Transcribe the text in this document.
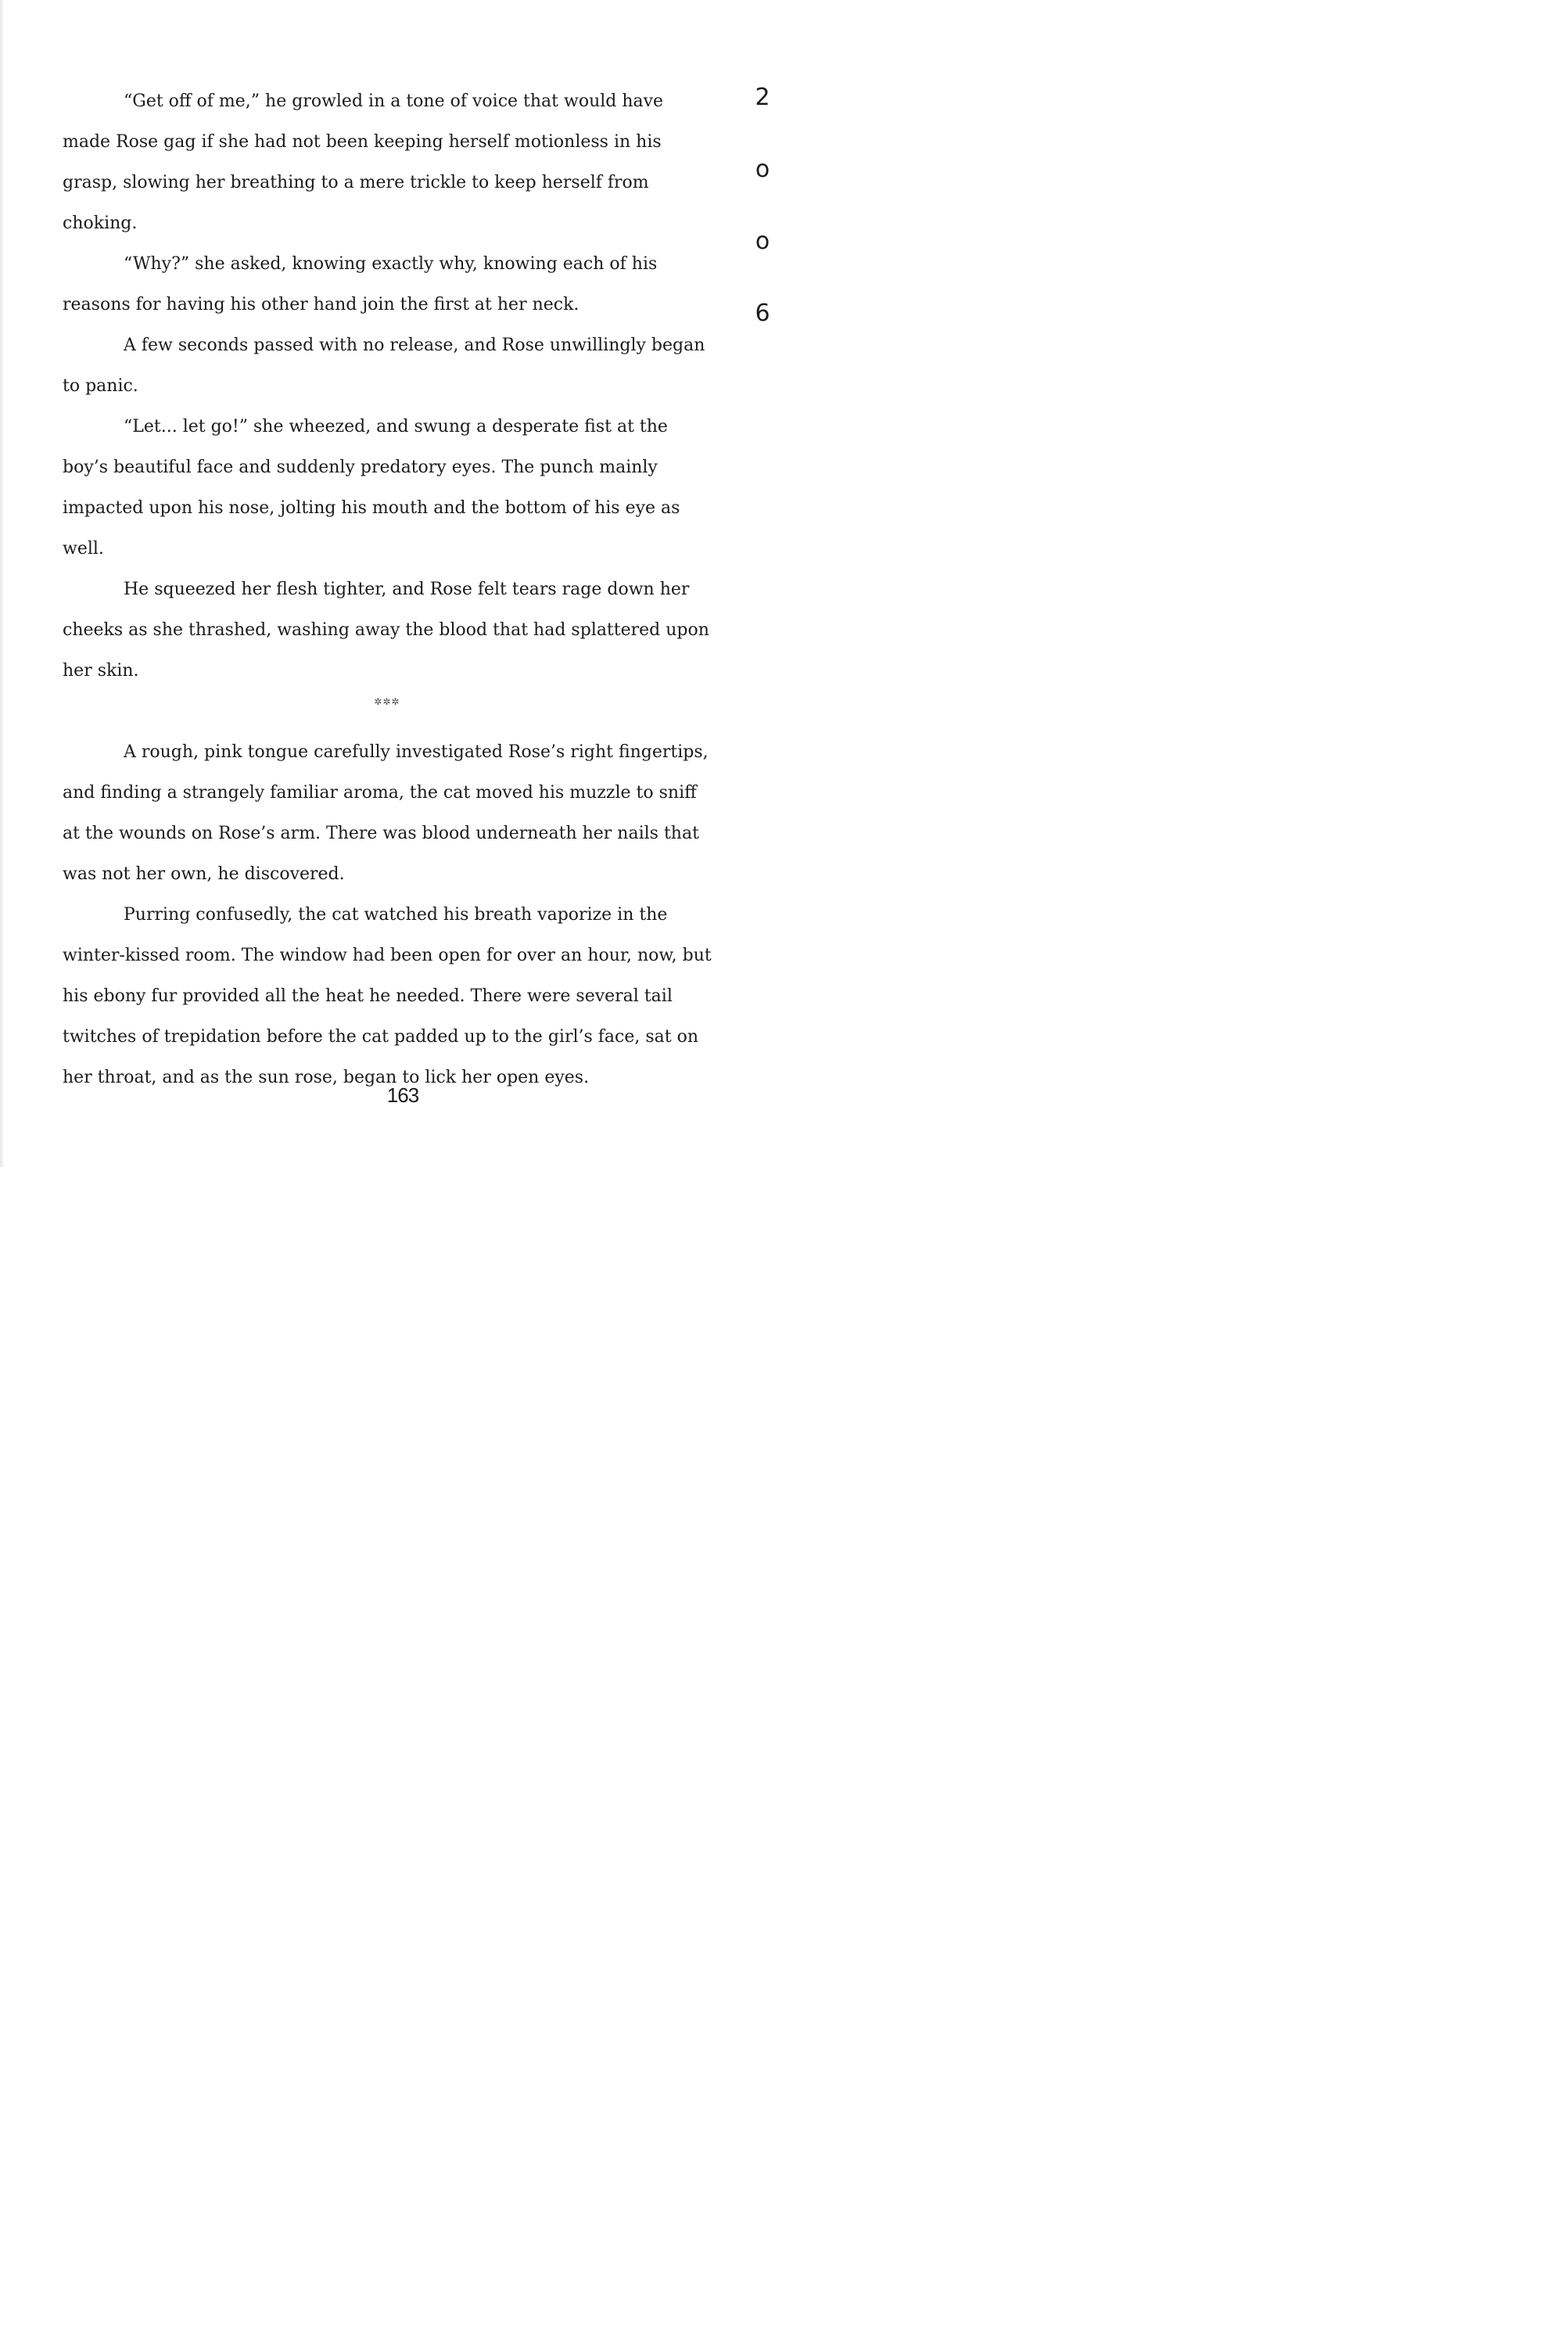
“Get off of me,” he growled in a tone of voice that would have made Rose gag if she had not been keeping herself motionless in his grasp, slowing her breathing to a mere trickle to keep herself from choking.

“Why?” she asked, knowing exactly why, knowing each of his reasons for having his other hand join the first at her neck.

A few seconds passed with no release, and Rose unwillingly began to panic.

“Let... let go!” she wheezed, and swung a desperate fist at the boy’s beautiful face and suddenly predatory eyes. The punch mainly impacted upon his nose, jolting his mouth and the bottom of his eye as well.

He squeezed her flesh tighter, and Rose felt tears rage down her cheeks as she thrashed, washing away the blood that had splattered upon her skin.

✲✲✲

A rough, pink tongue carefully investigated Rose’s right fingertips, and finding a strangely familiar aroma, the cat moved his muzzle to sniff at the wounds on Rose’s arm. There was blood underneath her nails that was not her own, he discovered.

Purring confusedly, the cat watched his breath vaporize in the winter-kissed room. The window had been open for over an hour, now, but his ebony fur provided all the heat he needed. There were several tail twitches of trepidation before the cat padded up to the girl’s face, sat on her throat, and as the sun rose, began to lick her open eyes.

2
o
o
6
163
